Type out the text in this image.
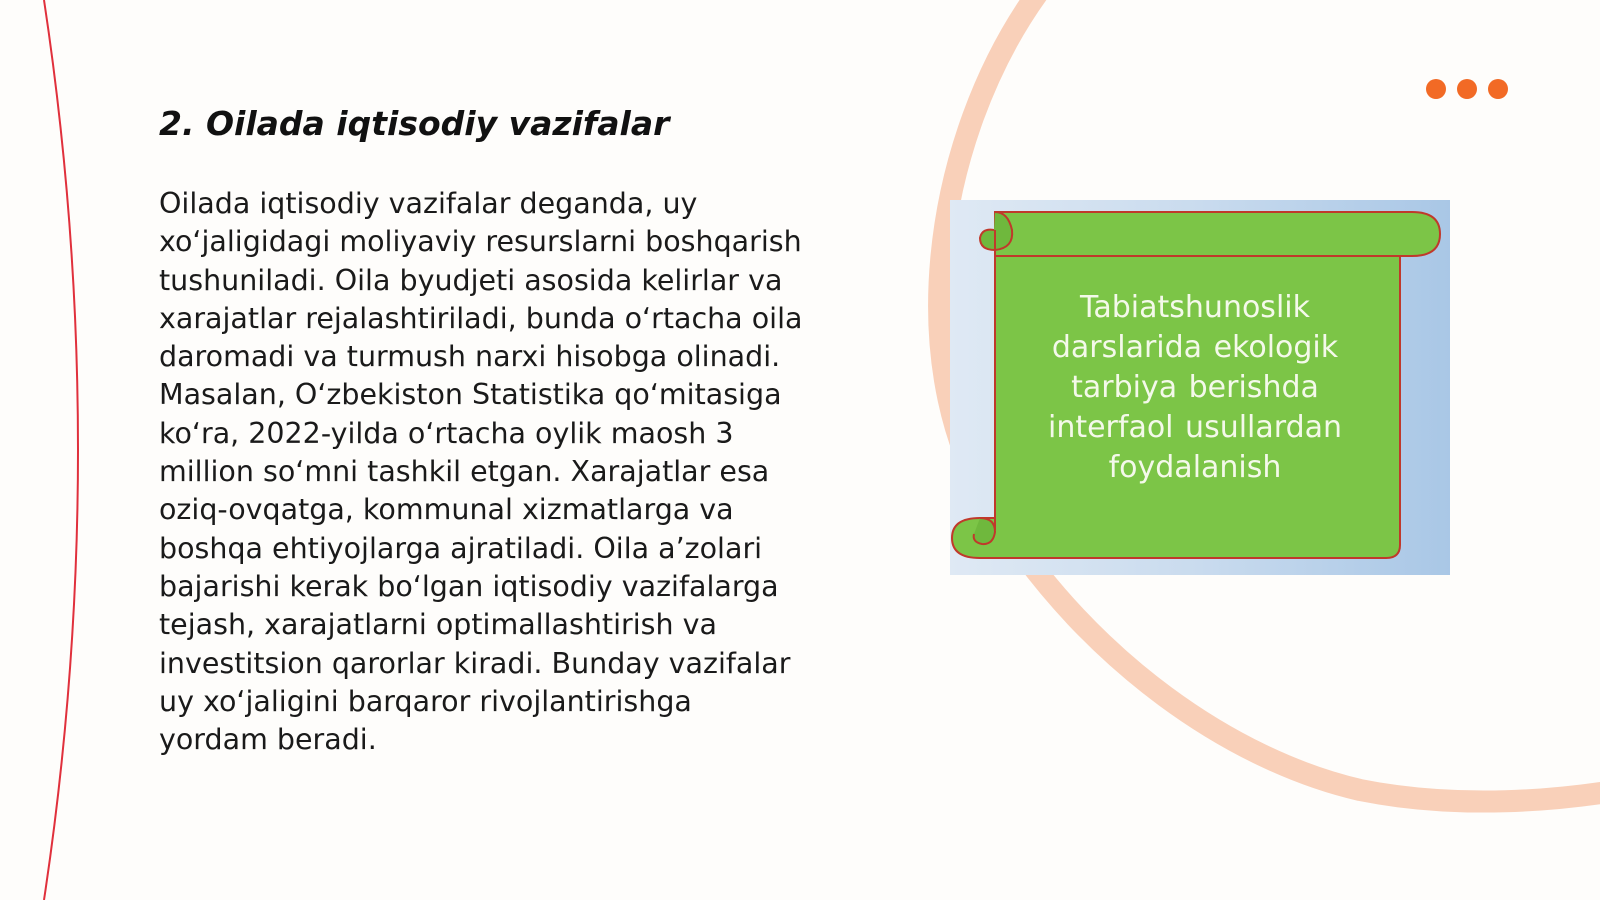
2. Oilada iqtisodiy vazifalar

Oilada iqtisodiy vazifalar deganda, uy
xoʻjaligidagi moliyaviy resurslarni boshqarish
tushuniladi. Oila byudjeti asosida kelirlar va
xarajatlar rejalashtiriladi, bunda oʻrtacha oila
daromadi va turmush narxi hisobga olinadi.
Masalan, Oʻzbekiston Statistika qoʻmitasiga
koʻra, 2022-yilda oʻrtacha oylik maosh 3
million soʻmni tashkil etgan. Xarajatlar esa
oziq-ovqatga, kommunal xizmatlarga va
boshqa ehtiyojlarga ajratiladi. Oila aʼzolari
bajarishi kerak boʻlgan iqtisodiy vazifalarga
tejash, xarajatlarni optimallashtirish va
investitsion qarorlar kiradi. Bunday vazifalar
uy xoʻjaligini barqaror rivojlantirishga
yordam beradi.

Tabiatshunoslik
darslarida ekologik
tarbiya berishda
interfaol usullardan
foydalanish
